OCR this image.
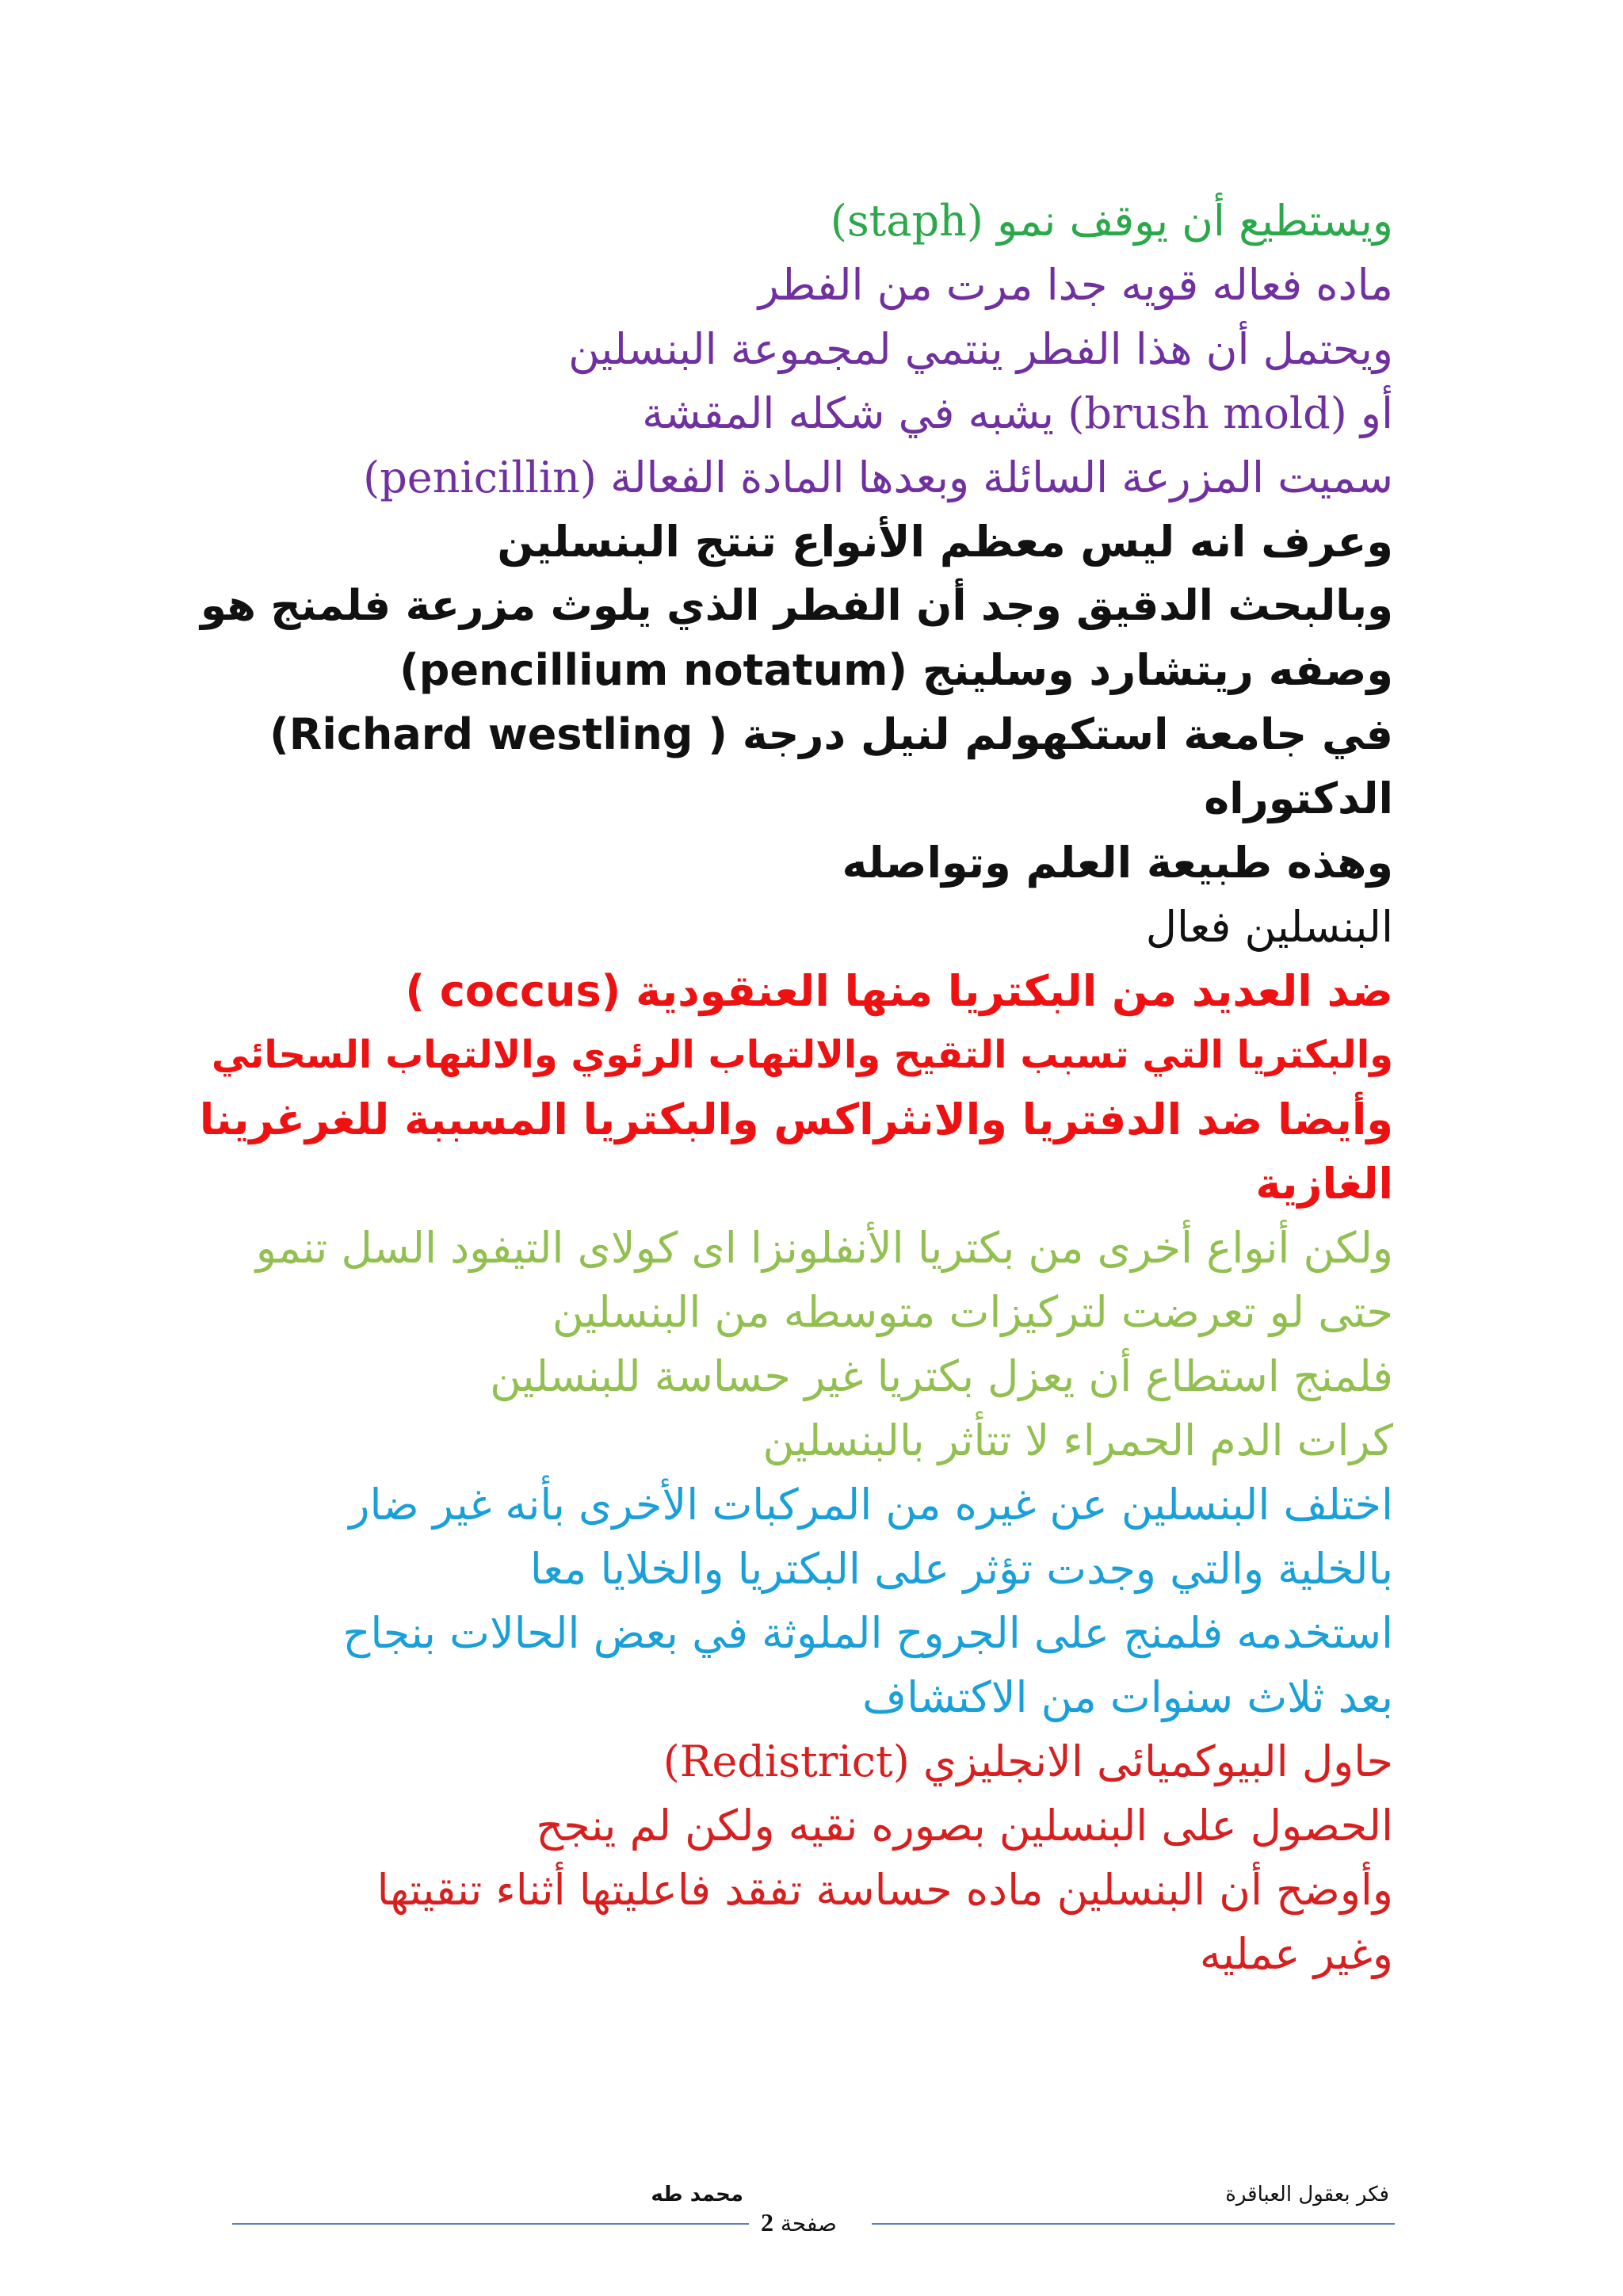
ويستطيع أن يوقف نمو (staph)
ماده فعاله قويه جدا مرت من الفطر
ويحتمل أن هذا الفطر ينتمي لمجموعة البنسلين
أو (brush mold) يشبه في شكله المقشة
سميت المزرعة السائلة وبعدها المادة الفعالة (penicillin)
وعرف انه ليس معظم الأنواع تنتج البنسلين
وبالبحث الدقيق وجد أن الفطر الذي يلوث مزرعة فلمنج هو
(pencillium notatum) وصفه ريتشارد وسلينج
(Richard westling ) في جامعة استكهولم لنيل درجة
الدكتوراه
وهذه طبيعة العلم وتواصله
البنسلين فعال
ضد العديد من البكتريا منها العنقودية (coccus )
والبكتريا التي تسبب التقيح والالتهاب الرئوي والالتهاب السحائي
وأيضا ضد الدفتريا والانثراكس والبكتريا المسببة للغرغرينا
الغازية
ولكن أنواع أخرى من بكتريا الأنفلونزا اى كولاى التيفود السل تنمو
حتى لو تعرضت لتركيزات متوسطه من البنسلين
فلمنج استطاع أن يعزل بكتريا غير حساسة للبنسلين
كرات الدم الحمراء لا تتأثر بالبنسلين
اختلف البنسلين عن غيره من المركبات الأخرى بأنه غير ضار
بالخلية والتي وجدت تؤثر على البكتريا والخلايا معا
استخدمه فلمنج على الجروح الملوثة في بعض الحالات بنجاح
بعد ثلاث سنوات من الاكتشاف
حاول البيوكميائى الانجليزي (Redistrict)
الحصول على البنسلين بصوره نقيه ولكن لم ينجح
وأوضح أن البنسلين ماده حساسة تفقد فاعليتها أثناء تنقيتها
وغير عمليه
محمد طه	فكر بعقول العباقرة
صفحة 2
